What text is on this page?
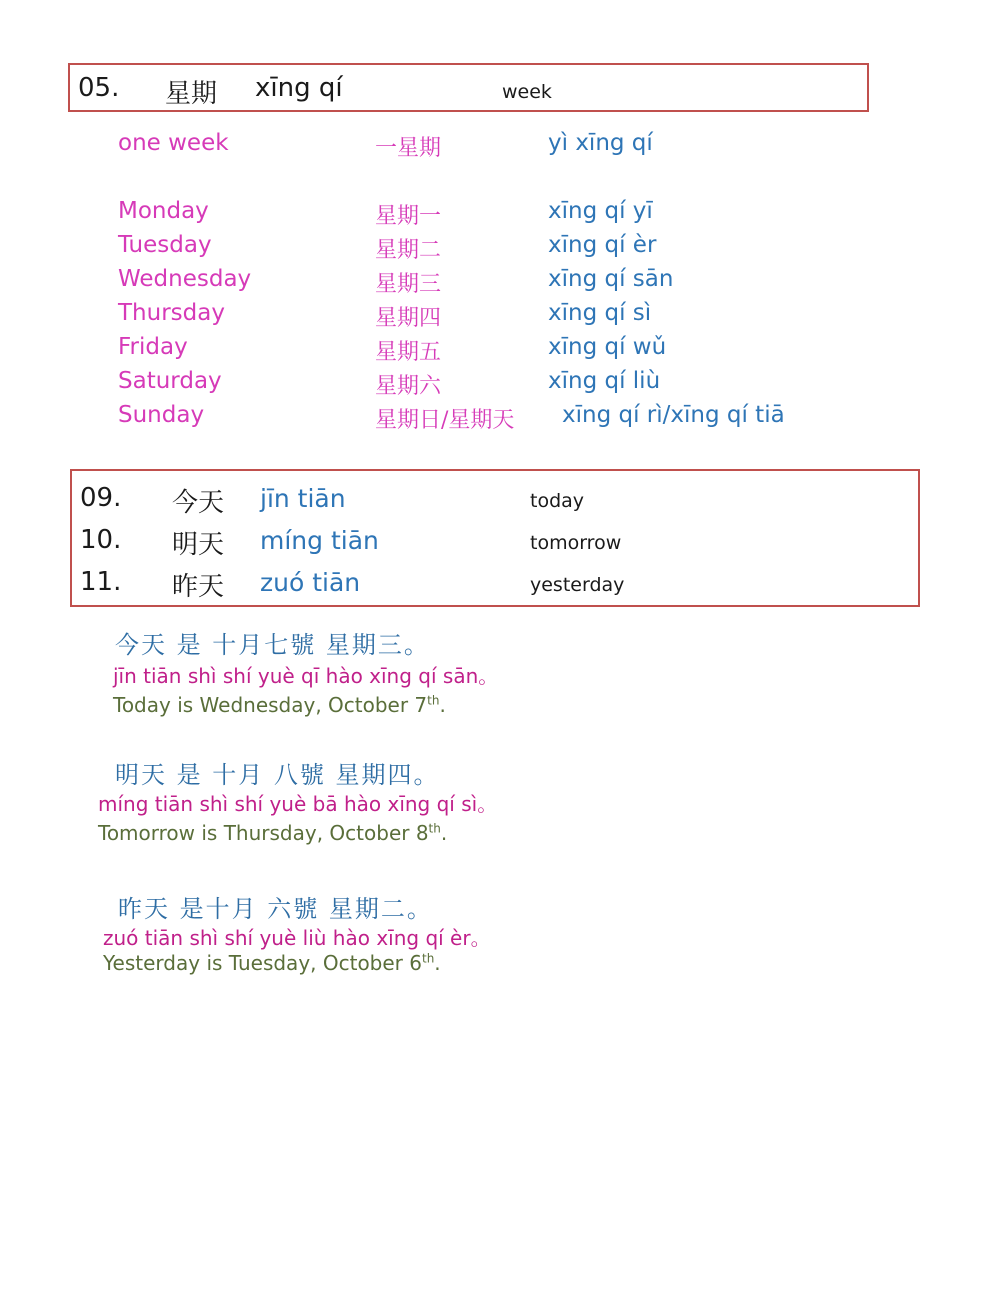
05. 星期 xīng qí	week
one week	一星期	yì xīng qí
Monday	星期一	xīng qí yī
Tuesday	星期二	xīng qí èr
Wednesday	星期三	xīng qí sān
Thursday	星期四	xīng qí sì
Friday	星期五	xīng qí wǔ
Saturday	星期六	xīng qí liù
Sunday	星期日/星期天 xīng qí rì/xīng qí tiā
09. 今天 jīn tiān	today
10. 明天 míng tiān	tomorrow
11. 昨天 zuó tiān	yesterday
今天 是 十月七號 星期三。
jīn tiān shì shí yuè qī hào xīng qí sān。
Today is Wednesday, October 7th.
明天 是 十月 八號 星期四。
míng tiān shì shí yuè bā hào xīng qí sì。
Tomorrow is Thursday, October 8th.
昨天 是十月 六號 星期二。
zuó tiān shì shí yuè liù hào xīng qí èr。
Yesterday is Tuesday, October 6th.
